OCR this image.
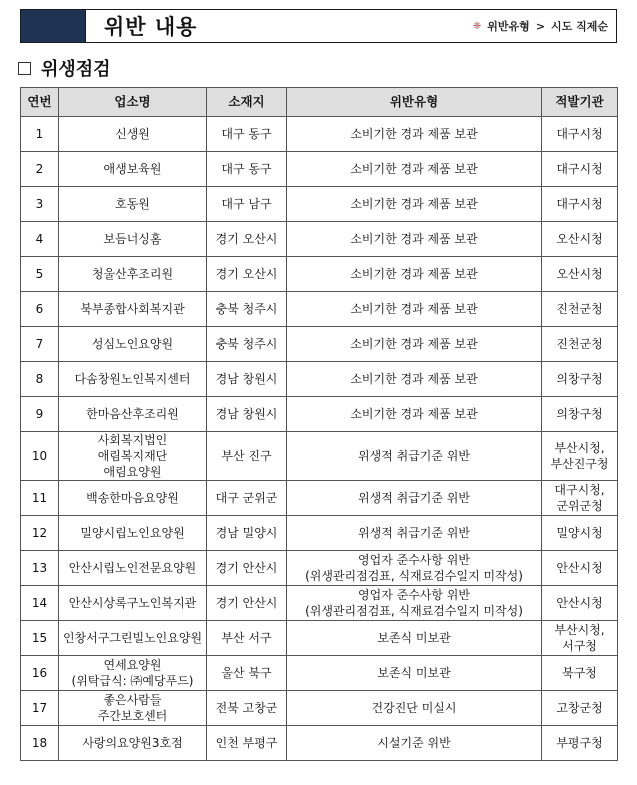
위반 내용	❈ 위반유형 > 시도 직제순
위생점검
연번	업소명	소재지	위반유형	적발기관
1	신생원	대구 동구	소비기한 경과 제품 보관	대구시청
2	애생보육원	대구 동구	소비기한 경과 제품 보관	대구시청
3	호동원	대구 남구	소비기한 경과 제품 보관	대구시청
4	보듬너싱홈	경기 오산시	소비기한 경과 제품 보관	오산시청
5	청울산후조리원	경기 오산시	소비기한 경과 제품 보관	오산시청
6	북부종합사회복지관	충북 청주시	소비기한 경과 제품 보관	진천군청
7	성심노인요양원	충북 청주시	소비기한 경과 제품 보관	진천군청
8	다솜창원노인복지센터	경남 창원시	소비기한 경과 제품 보관	의창구청
9	한마음산후조리원	경남 창원시	소비기한 경과 제품 보관	의창구청
10	사회복지법인
애림복지재단
애림요양원	부산 진구	위생적 취급기준 위반	부산시청,
부산진구청
11	백송한마음요양원	대구 군위군	위생적 취급기준 위반	대구시청,
군위군청
12	밀양시립노인요양원	경남 밀양시	위생적 취급기준 위반	밀양시청
13	안산시립노인전문요양원	경기 안산시	영업자 준수사항 위반
(위생관리점검표, 식재료검수일지 미작성)	안산시청
14	안산시상록구노인복지관	경기 안산시	영업자 준수사항 위반
(위생관리점검표, 식재료검수일지 미작성)	안산시청
15	인창서구그린빌노인요양원	부산 서구	보존식 미보관	부산시청,
서구청
16	연세요양원
(위탁급식: ㈜예당푸드)	울산 북구	보존식 미보관	북구청
17	좋은사람들
주간보호센터	전북 고창군	건강진단 미실시	고창군청
18	사랑의요양원3호점	인천 부평구	시설기준 위반	부평구청
